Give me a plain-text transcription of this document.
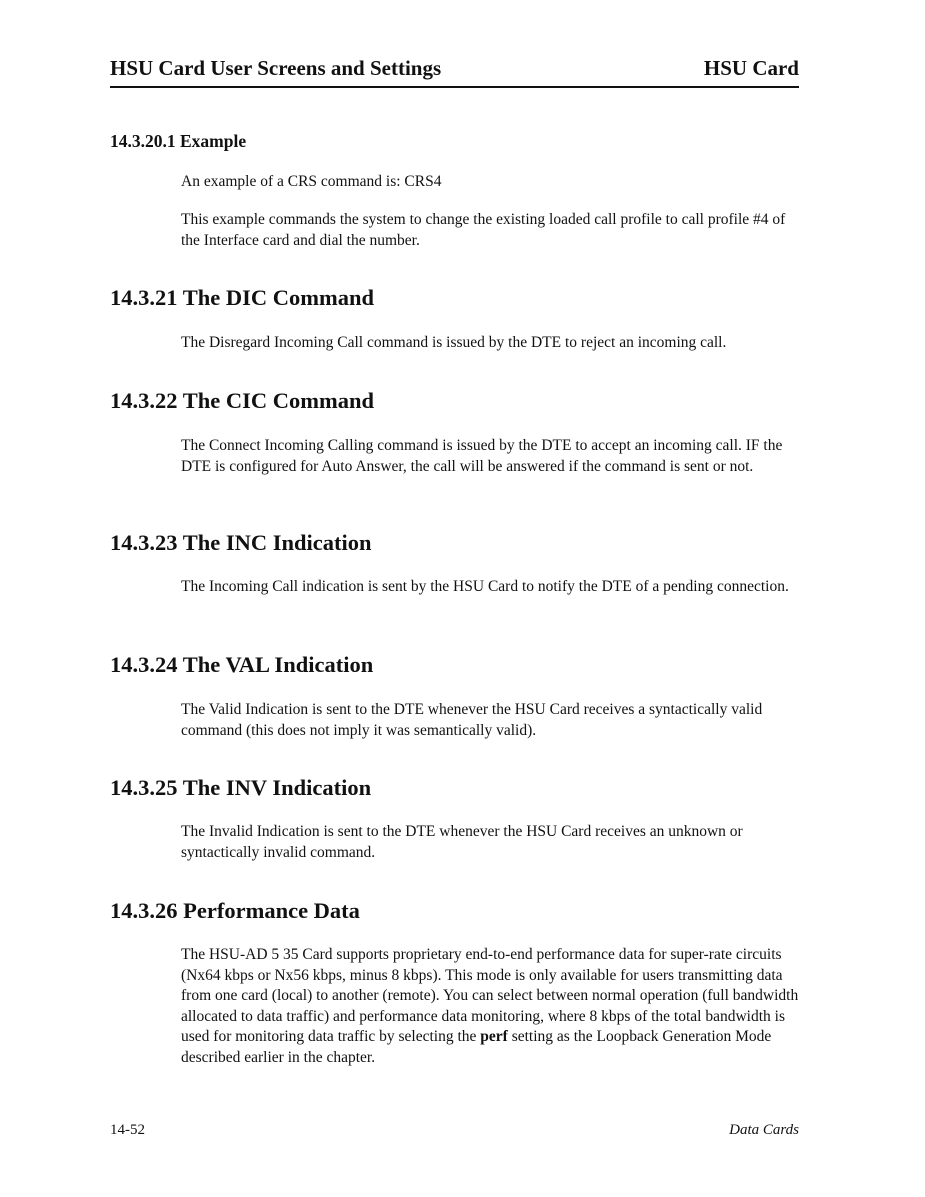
HSU Card User Screens and Settings	HSU Card
14.3.20.1 Example

An example of a CRS command is: CRS4

This example commands the system to change the existing loaded call profile to call profile #4 of the Interface card and dial the number.

14.3.21 The DIC Command

The Disregard Incoming Call command is issued by the DTE to reject an incoming call.

14.3.22 The CIC Command

The Connect Incoming Calling command is issued by the DTE to accept an incoming call. IF the DTE is configured for Auto Answer, the call will be answered if the command is sent or not.

14.3.23 The INC Indication

The Incoming Call indication is sent by the HSU Card to notify the DTE of a pending connection.

14.3.24 The VAL Indication

The Valid Indication is sent to the DTE whenever the HSU Card receives a syntactically valid command (this does not imply it was semantically valid).

14.3.25 The INV Indication

The Invalid Indication is sent to the DTE whenever the HSU Card receives an unknown or syntactically invalid command.

14.3.26 Performance Data

The HSU-AD 5 35 Card supports proprietary end-to-end performance data for super-rate circuits (Nx64 kbps or Nx56 kbps, minus 8 kbps). This mode is only available for users transmitting data from one card (local) to another (remote). You can select between normal operation (full bandwidth allocated to data traffic) and performance data monitoring, where 8 kbps of the total bandwidth is used for monitoring data traffic by selecting the perf setting as the Loopback Generation Mode described earlier in the chapter.

14-52	Data Cards
